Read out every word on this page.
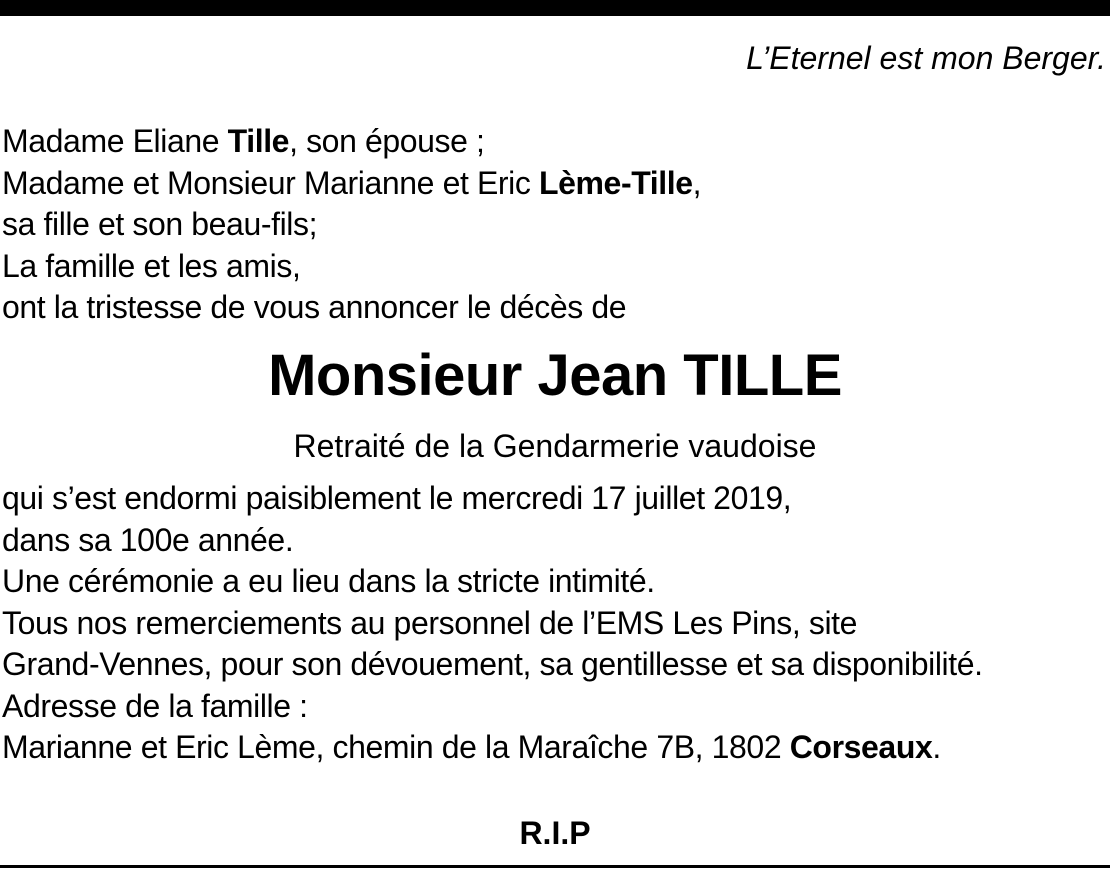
L’Eternel est mon Berger.
Madame Eliane Tille, son épouse ;
Madame et Monsieur Marianne et Eric Lème-Tille,
sa fille et son beau-fils;
La famille et les amis,
ont la tristesse de vous annoncer le décès de
Monsieur Jean TILLE
Retraité de la Gendarmerie vaudoise
qui s’est endormi paisiblement le mercredi 17 juillet 2019,
dans sa 100e année.
Une cérémonie a eu lieu dans la stricte intimité.
Tous nos remerciements au personnel de l’EMS Les Pins, site
Grand-Vennes, pour son dévouement, sa gentillesse et sa disponibilité.
Adresse de la famille :
Marianne et Eric Lème, chemin de la Maraîche 7B, 1802 Corseaux.
R.I.P
